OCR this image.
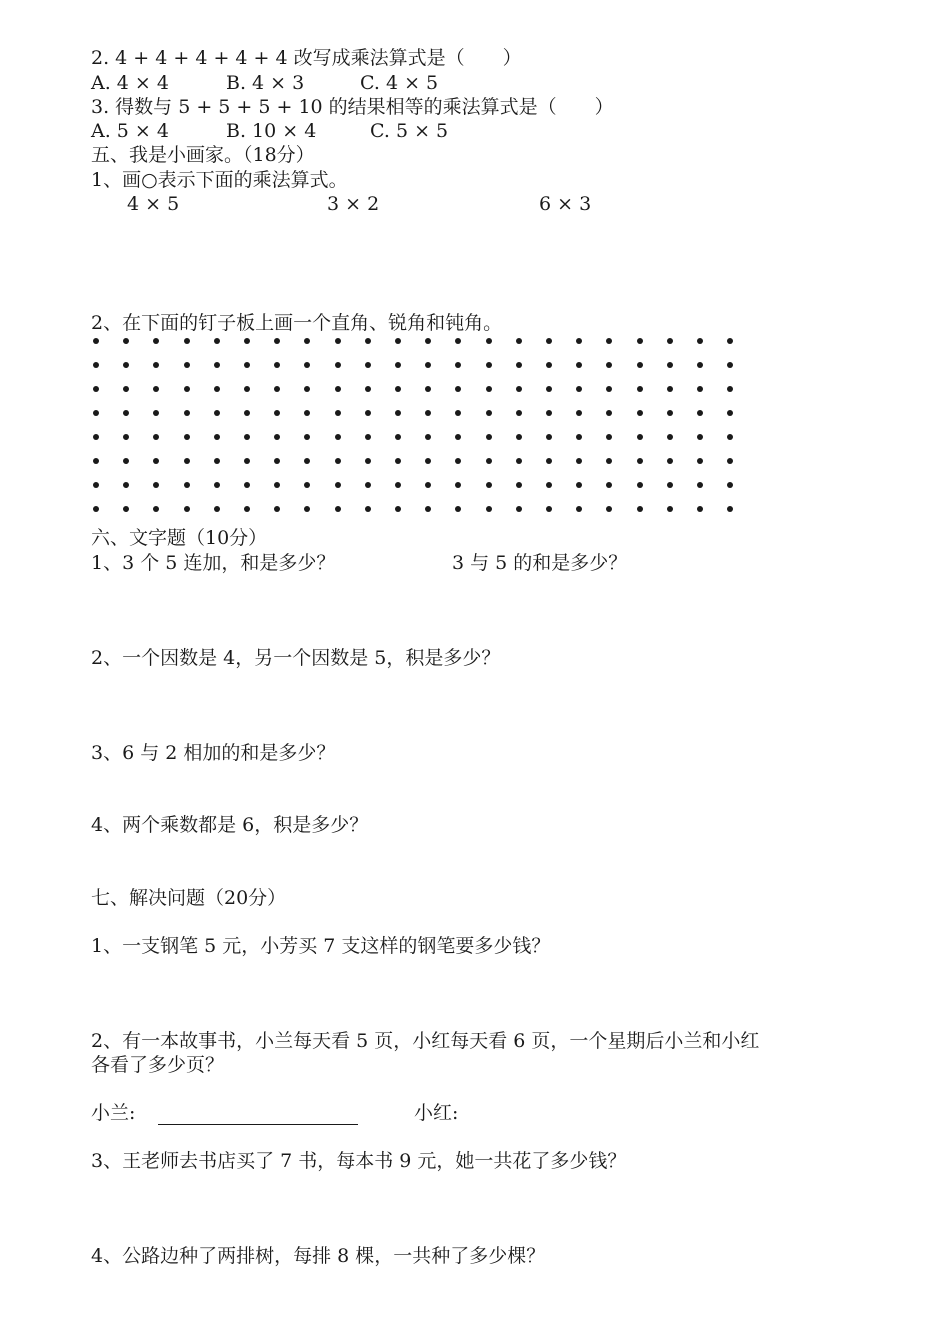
2. 4 + 4 + 4 + 4 + 4 改写成乘法算式是（　　）
A. 4 × 4	B. 4 × 3	C. 4 × 5
3. 得数与 5 + 5 + 5 + 10 的结果相等的乘法算式是（　　）
A. 5 × 4	B. 10 × 4	C. 5 × 5
五、我是小画家。（18分）
1、画○表示下面的乘法算式。
4 × 5	3 × 2	6 × 3
2、在下面的钉子板上画一个直角、锐角和钝角。
六、文字题（10分）
1、3 个 5 连加，和是多少？	3 与 5 的和是多少？
2、一个因数是 4，另一个因数是 5，积是多少？
3、6 与 2 相加的和是多少？
4、两个乘数都是 6，积是多少？
七、解决问题（20分）
1、一支钢笔 5 元，小芳买 7 支这样的钢笔要多少钱？
2、有一本故事书，小兰每天看 5 页，小红每天看 6 页，一个星期后小兰和小红
各看了多少页？
小兰:	小红:
3、王老师去书店买了 7 书，每本书 9 元，她一共花了多少钱？
4、公路边种了两排树，每排 8 棵，一共种了多少棵？
